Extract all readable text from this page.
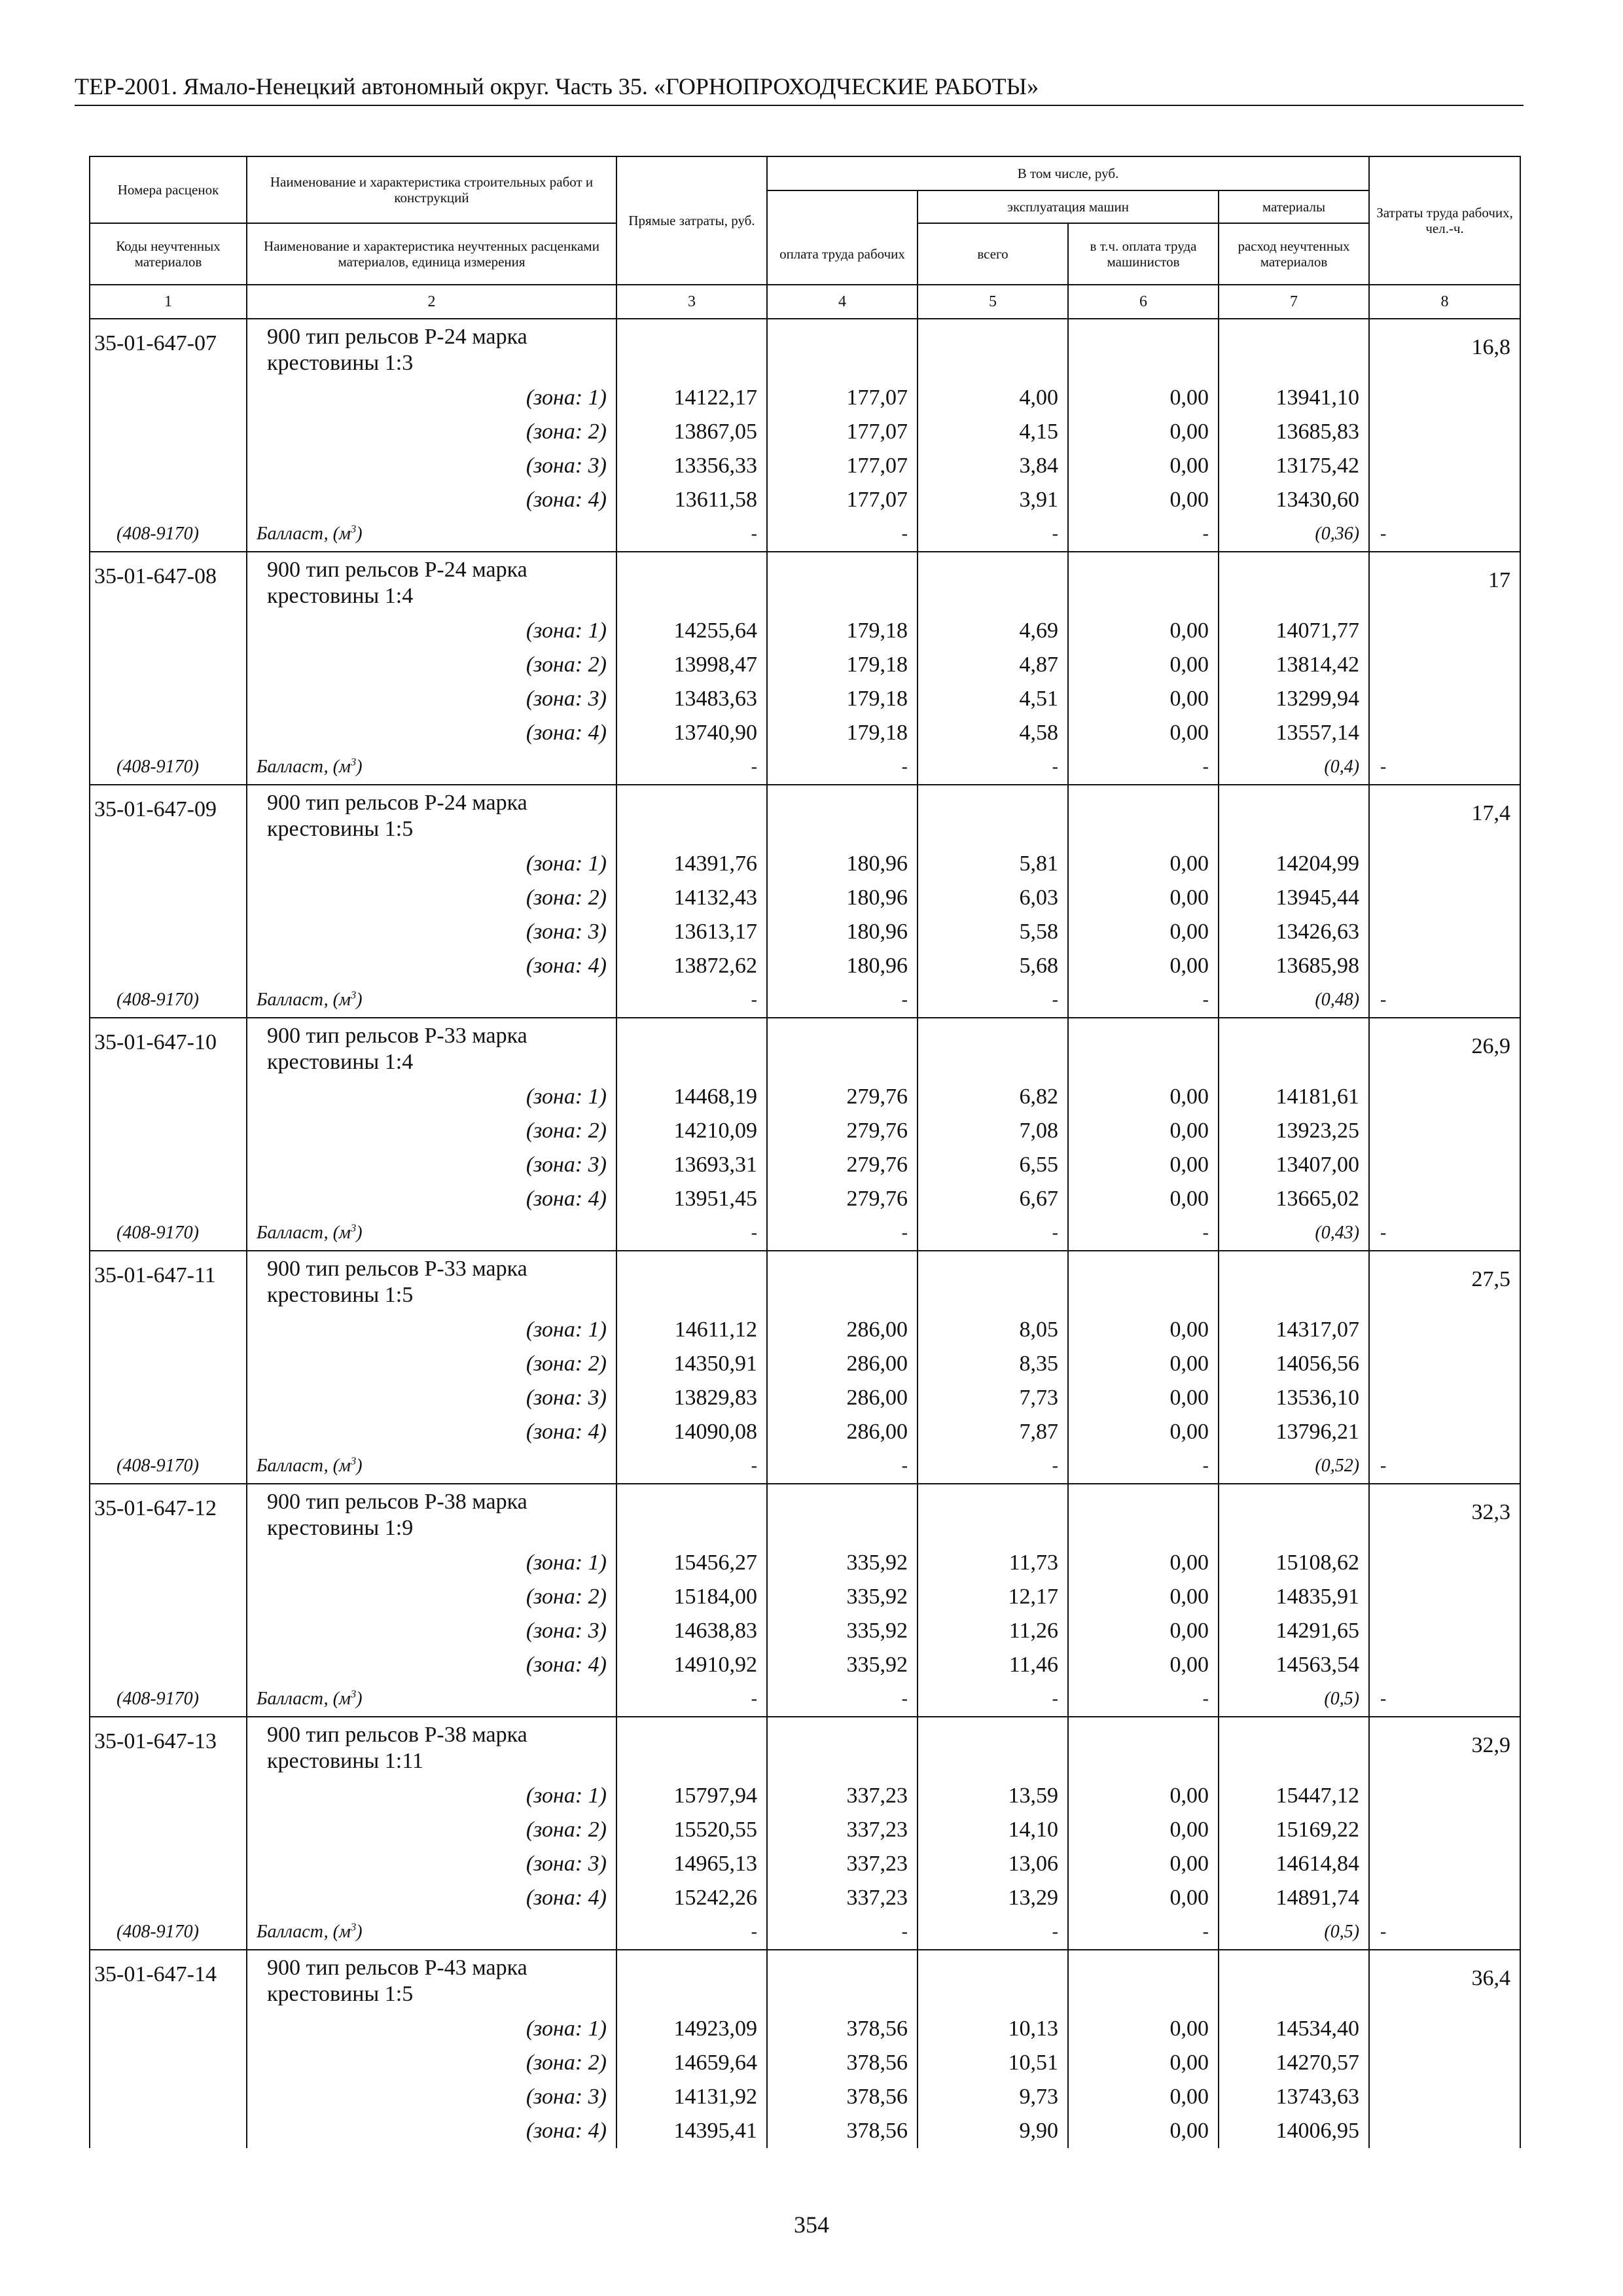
ТЕР-2001. Ямало-Ненецкий автономный округ. Часть 35. «ГОРНОПРОХОДЧЕСКИЕ РАБОТЫ»
Номера расценок	Наименование и характеристика строительных работ и конструкций	Прямые затраты, руб.	В том числе, руб.				Затраты труда рабочих, чел.-ч.
				эксплуатация машин		материалы	
Коды неучтенных материалов	Наименование и характеристика неучтенных расценками материалов, единица измерения			всего	в т.ч. оплата труда машинистов	расход неучтенных материалов	
			оплата труда рабочих				
1	2	3	4	5	6	7	8
35-01-647-07	900 тип рельсов Р-24 марка крестовины 1:3						16,8
	(зона: 1)	14122,17	177,07	4,00	0,00	13941,10	
	(зона: 2)	13867,05	177,07	4,15	0,00	13685,83	
	(зона: 3)	13356,33	177,07	3,84	0,00	13175,42	
	(зона: 4)	13611,58	177,07	3,91	0,00	13430,60	
(408-9170)	Балласт, $(м^3)$	-	-	-	-	(0,36)	-
35-01-647-08	900 тип рельсов Р-24 марка крестовины 1:4						17
	(зона: 1)	14255,64	179,18	4,69	0,00	14071,77	
	(зона: 2)	13998,47	179,18	4,87	0,00	13814,42	
	(зона: 3)	13483,63	179,18	4,51	0,00	13299,94	
	(зона: 4)	13740,90	179,18	4,58	0,00	13557,14	
(408-9170)	Балласт, $(м^3)$	-	-	-	-	(0,4)	-
35-01-647-09	900 тип рельсов Р-24 марка крестовины 1:5						17,4
	(зона: 1)	14391,76	180,96	5,81	0,00	14204,99	
	(зона: 2)	14132,43	180,96	6,03	0,00	13945,44	
	(зона: 3)	13613,17	180,96	5,58	0,00	13426,63	
	(зона: 4)	13872,62	180,96	5,68	0,00	13685,98	
(408-9170)	Балласт, $(м^3)$	-	-	-	-	(0,48)	-
35-01-647-10	900 тип рельсов Р-33 марка крестовины 1:4						26,9
	(зона: 1)	14468,19	279,76	6,82	0,00	14181,61	
	(зона: 2)	14210,09	279,76	7,08	0,00	13923,25	
	(зона: 3)	13693,31	279,76	6,55	0,00	13407,00	
	(зона: 4)	13951,45	279,76	6,67	0,00	13665,02	
(408-9170)	Балласт, $(м^3)$	-	-	-	-	(0,43)	-
35-01-647-11	900 тип рельсов Р-33 марка крестовины 1:5						27,5
	(зона: 1)	14611,12	286,00	8,05	0,00	14317,07	
	(зона: 2)	14350,91	286,00	8,35	0,00	14056,56	
	(зона: 3)	13829,83	286,00	7,73	0,00	13536,10	
	(зона: 4)	14090,08	286,00	7,87	0,00	13796,21	
(408-9170)	Балласт, $(м^3)$	-	-	-	-	(0,52)	-
35-01-647-12	900 тип рельсов Р-38 марка крестовины 1:9						32,3
	(зона: 1)	15456,27	335,92	11,73	0,00	15108,62	
	(зона: 2)	15184,00	335,92	12,17	0,00	14835,91	
	(зона: 3)	14638,83	335,92	11,26	0,00	14291,65	
	(зона: 4)	14910,92	335,92	11,46	0,00	14563,54	
(408-9170)	Балласт, $(м^3)$	-	-	-	-	(0,5)	-
35-01-647-13	900 тип рельсов Р-38 марка крестовины 1:11						32,9
	(зона: 1)	15797,94	337,23	13,59	0,00	15447,12	
	(зона: 2)	15520,55	337,23	14,10	0,00	15169,22	
	(зона: 3)	14965,13	337,23	13,06	0,00	14614,84	
	(зона: 4)	15242,26	337,23	13,29	0,00	14891,74	
(408-9170)	Балласт, $(м^3)$	-	-	-	-	(0,5)	-
35-01-647-14	900 тип рельсов Р-43 марка крестовины 1:5						36,4
	(зона: 1)	14923,09	378,56	10,13	0,00	14534,40	
	(зона: 2)	14659,64	378,56	10,51	0,00	14270,57	
	(зона: 3)	14131,92	378,56	9,73	0,00	13743,63	
	(зона: 4)	14395,41	378,56	9,90	0,00	14006,95	
354
